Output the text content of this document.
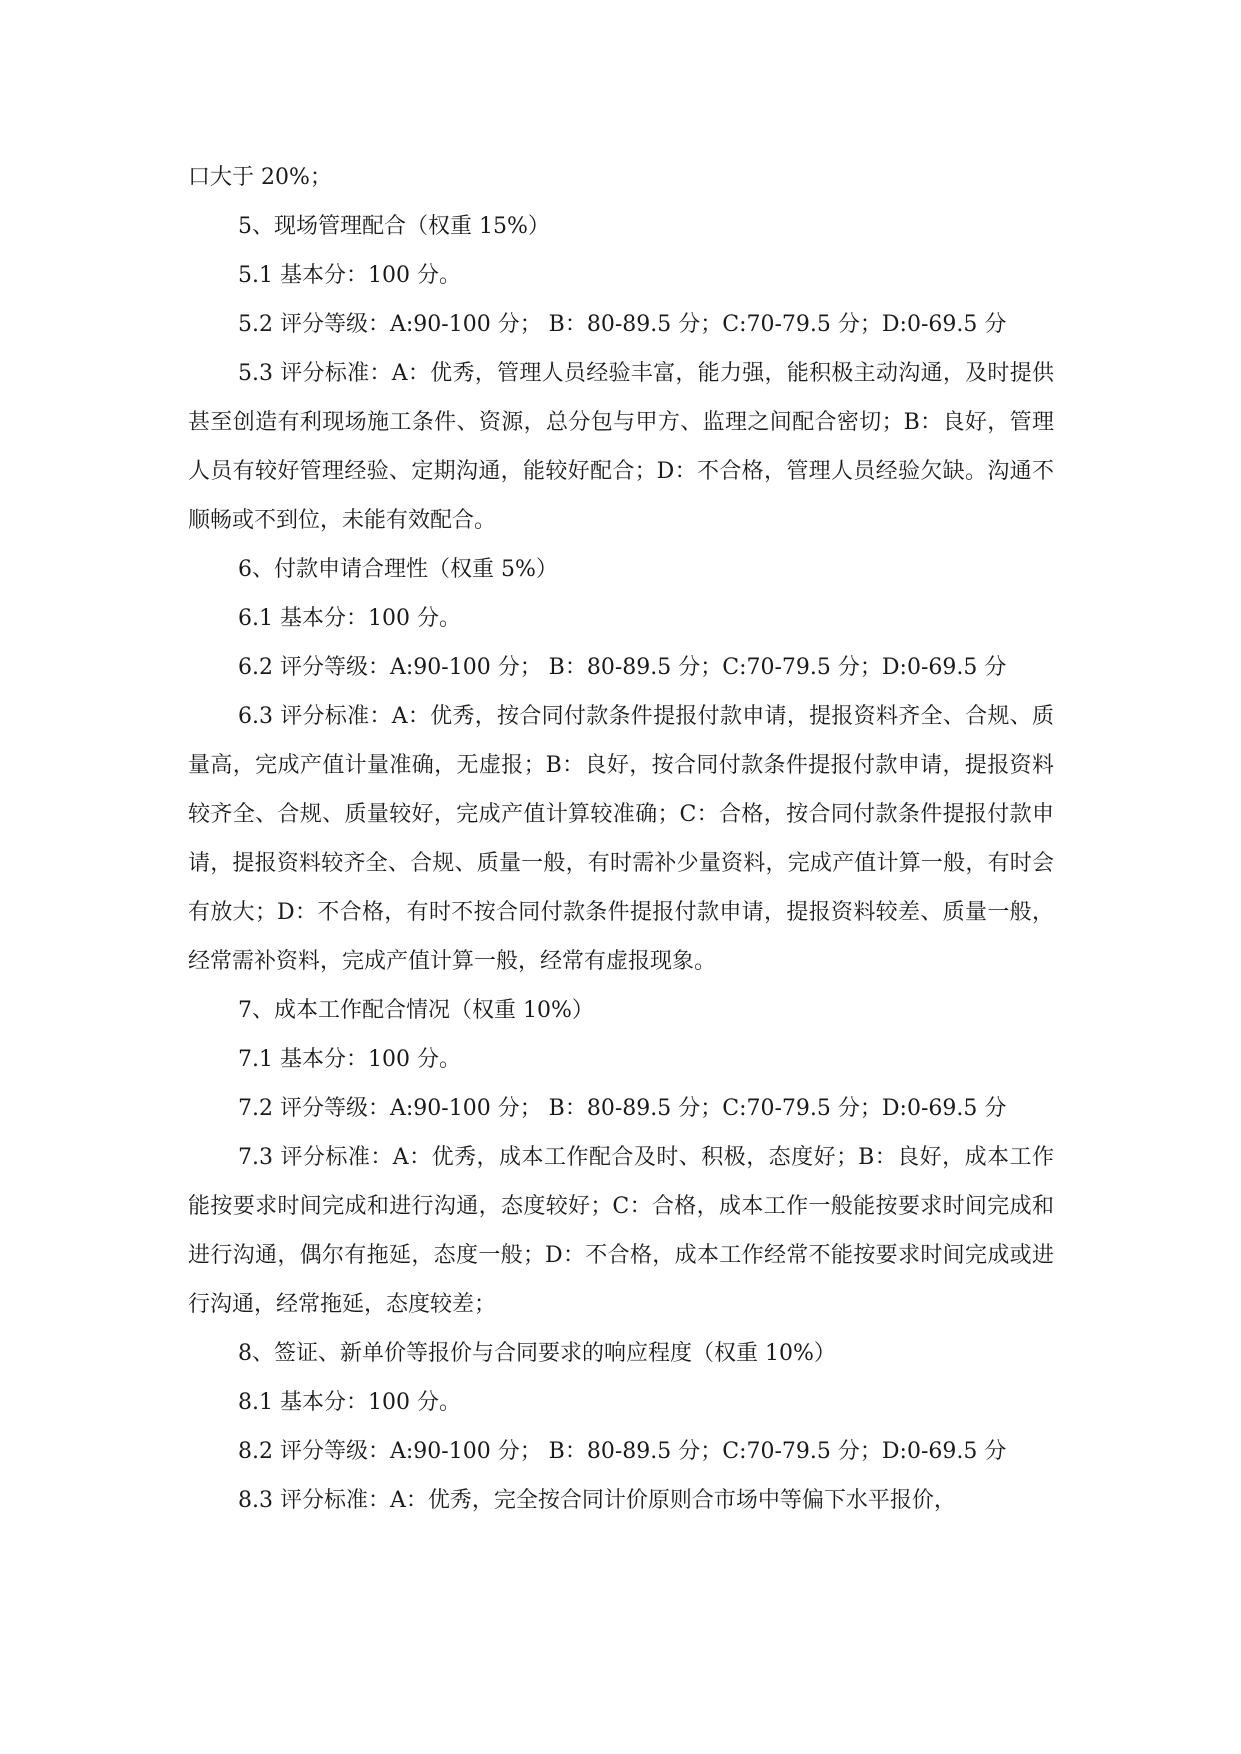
口大于 20%；

5、现场管理配合（权重 15%）

5.1 基本分：100 分。

5.2 评分等级：A:90-100 分； B：80-89.5 分；C:70-79.5 分；D:0-69.5 分

5.3 评分标准：A：优秀，管理人员经验丰富，能力强，能积极主动沟通，及时提供甚至创造有利现场施工条件、资源，总分包与甲方、监理之间配合密切；B：良好，管理人员有较好管理经验、定期沟通，能较好配合；D：不合格，管理人员经验欠缺。沟通不顺畅或不到位，未能有效配合。

6、付款申请合理性（权重 5%）

6.1 基本分：100 分。

6.2 评分等级：A:90-100 分； B：80-89.5 分；C:70-79.5 分；D:0-69.5 分

6.3 评分标准：A：优秀，按合同付款条件提报付款申请，提报资料齐全、合规、质量高，完成产值计量准确，无虚报；B：良好，按合同付款条件提报付款申请，提报资料较齐全、合规、质量较好，完成产值计算较准确；C：合格，按合同付款条件提报付款申请，提报资料较齐全、合规、质量一般，有时需补少量资料，完成产值计算一般，有时会有放大；D：不合格，有时不按合同付款条件提报付款申请，提报资料较差、质量一般，经常需补资料，完成产值计算一般，经常有虚报现象。

7、成本工作配合情况（权重 10%）

7.1 基本分：100 分。

7.2 评分等级：A:90-100 分； B：80-89.5 分；C:70-79.5 分；D:0-69.5 分

7.3 评分标准：A：优秀，成本工作配合及时、积极，态度好；B：良好，成本工作能按要求时间完成和进行沟通，态度较好；C：合格，成本工作一般能按要求时间完成和进行沟通，偶尔有拖延，态度一般；D：不合格，成本工作经常不能按要求时间完成或进行沟通，经常拖延，态度较差；

8、签证、新单价等报价与合同要求的响应程度（权重 10%）

8.1 基本分：100 分。

8.2 评分等级：A:90-100 分； B：80-89.5 分；C:70-79.5 分；D:0-69.5 分

8.3 评分标准：A：优秀，完全按合同计价原则合市场中等偏下水平报价，
